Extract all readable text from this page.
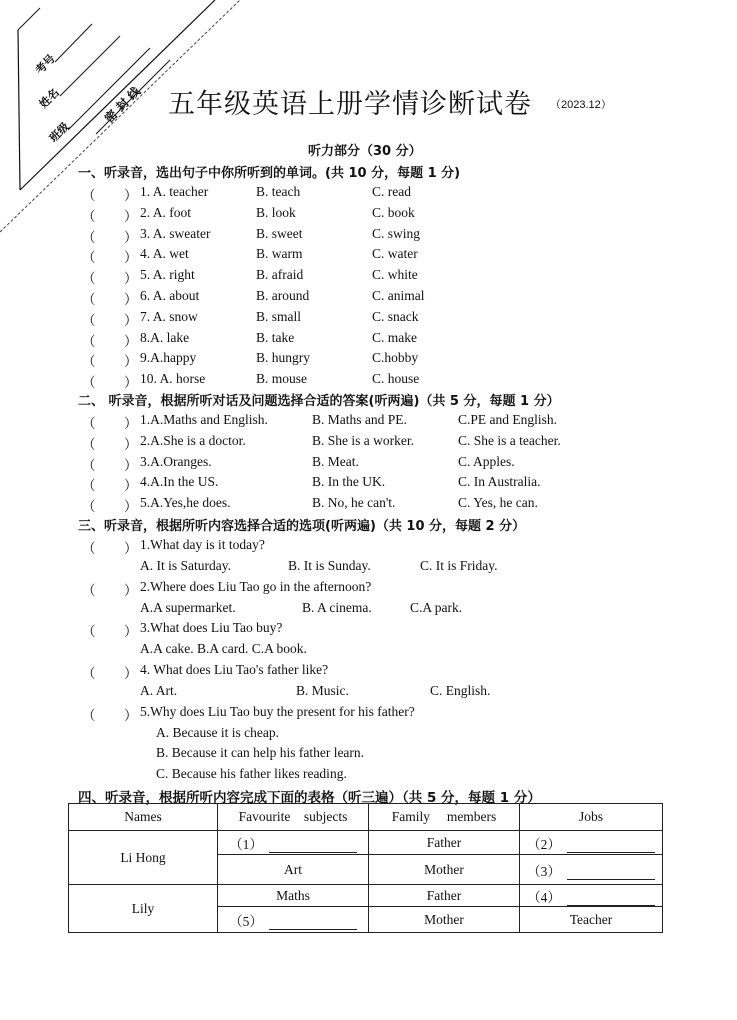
考号
姓名
班级
密 封 线 五年级英语上册学情诊断试卷 （2023.12）
听力部分（30 分）
一、听录音，选出句子中你所听到的单词。(共 10 分，每题 1 分)
（ ） 1. A. teacher	B. teach	C. read
（ ） 2. A. foot	B. look	C. book
（ ） 3. A. sweater	B. sweet	C. swing
（ ） 4. A. wet	B. warm	C. water
（ ） 5. A. right	B. afraid	C. white
（ ） 6. A. about	B. around	C. animal
（ ） 7. A. snow	B. small	C. snack
（ ） 8.A. lake	B. take	C. make
（ ） 9.A.happy	B. hungry	C.hobby
（ ） 10. A. horse	B. mouse	C. house
二、 听录音，根据所听对话及问题选择合适的答案(听两遍)（共 5 分，每题 1 分）
（ ） 1.A.Maths and English.	B. Maths and PE.	C.PE and English.
（ ） 2.A.She is a doctor.	B. She is a worker.	C. She is a teacher.
（ ） 3.A.Oranges.	B. Meat.	C. Apples.
（ ） 4.A.In the US.	B. In the UK.	C. In Australia.
（ ） 5.A.Yes,he does.	B. No, he can't.	C. Yes, he can.
三、听录音，根据所听内容选择合适的选项(听两遍)（共 10 分，每题 2 分）
（ ） 1.What day is it today?
A. It is Saturday.	B. It is Sunday.	C. It is Friday.
（ ） 2.Where does Liu Tao go in the afternoon?
A.A supermarket.	B. A cinema.	C.A park.
（ ） 3.What does Liu Tao buy?
A.A cake. B.A card. C.A book.
（ ） 4. What does Liu Tao's father like?
A. Art.	B. Music.	C. English.
（ ） 5.Why does Liu Tao buy the present for his father?
A. Because it is cheap.
B. Because it can help his father learn.
C. Because his father likes reading.
四、听录音，根据所听内容完成下面的表格（听三遍）（共 5 分，每题 1 分）
Names	Favourite    subjects	Family     members	Jobs
Li Hong	（1）	Father	（2）
	Art	Mother	（3）
Lily	Maths	Father	（4）
	（5）	Mother	Teacher
